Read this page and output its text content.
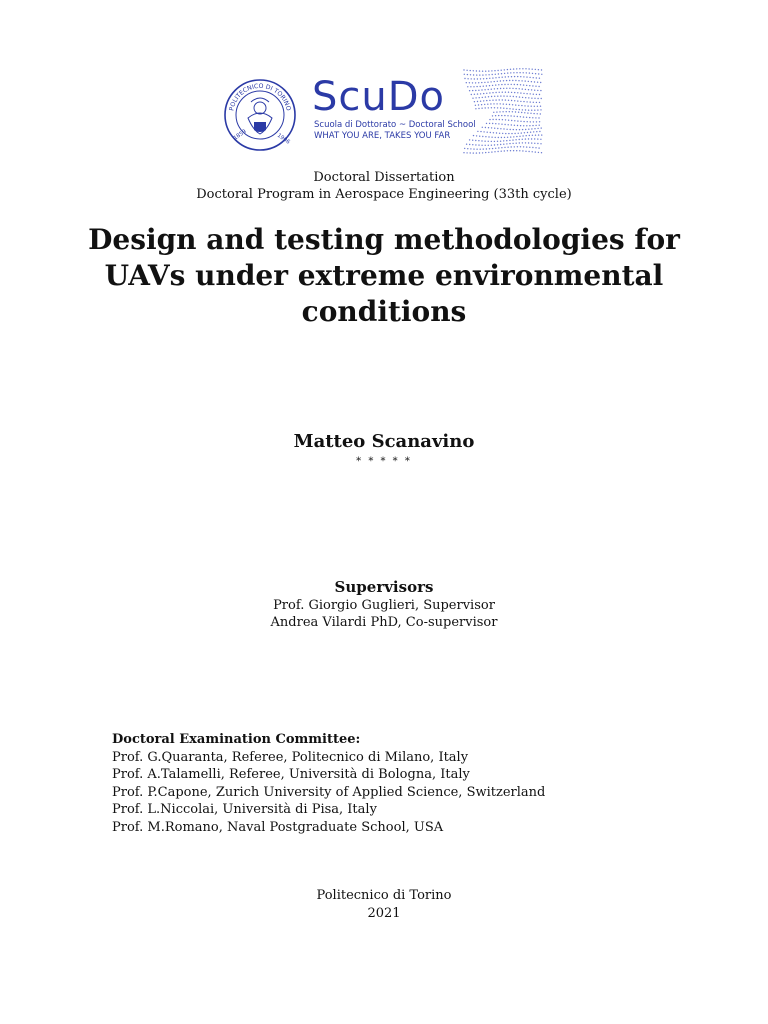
POLITECNICO DI TORINO
1859	1906
ScuDo
Scuola di Dottorato ~ Doctoral School
WHAT YOU ARE, TAKES YOU FAR
Doctoral Dissertation
Doctoral Program in Aerospace Engineering (33th cycle)
Design and testing methodologies for UAVs under extreme environmental conditions
Matteo Scanavino
* * * * *
Supervisors
Prof. Giorgio Guglieri, Supervisor
Andrea Vilardi PhD, Co-supervisor
Doctoral Examination Committee:
Prof. G.Quaranta, Referee, Politecnico di Milano, Italy
Prof. A.Talamelli, Referee, Università di Bologna, Italy
Prof. P.Capone, Zurich University of Applied Science, Switzerland
Prof. L.Niccolai, Università di Pisa, Italy
Prof. M.Romano, Naval Postgraduate School, USA
Politecnico di Torino
2021
